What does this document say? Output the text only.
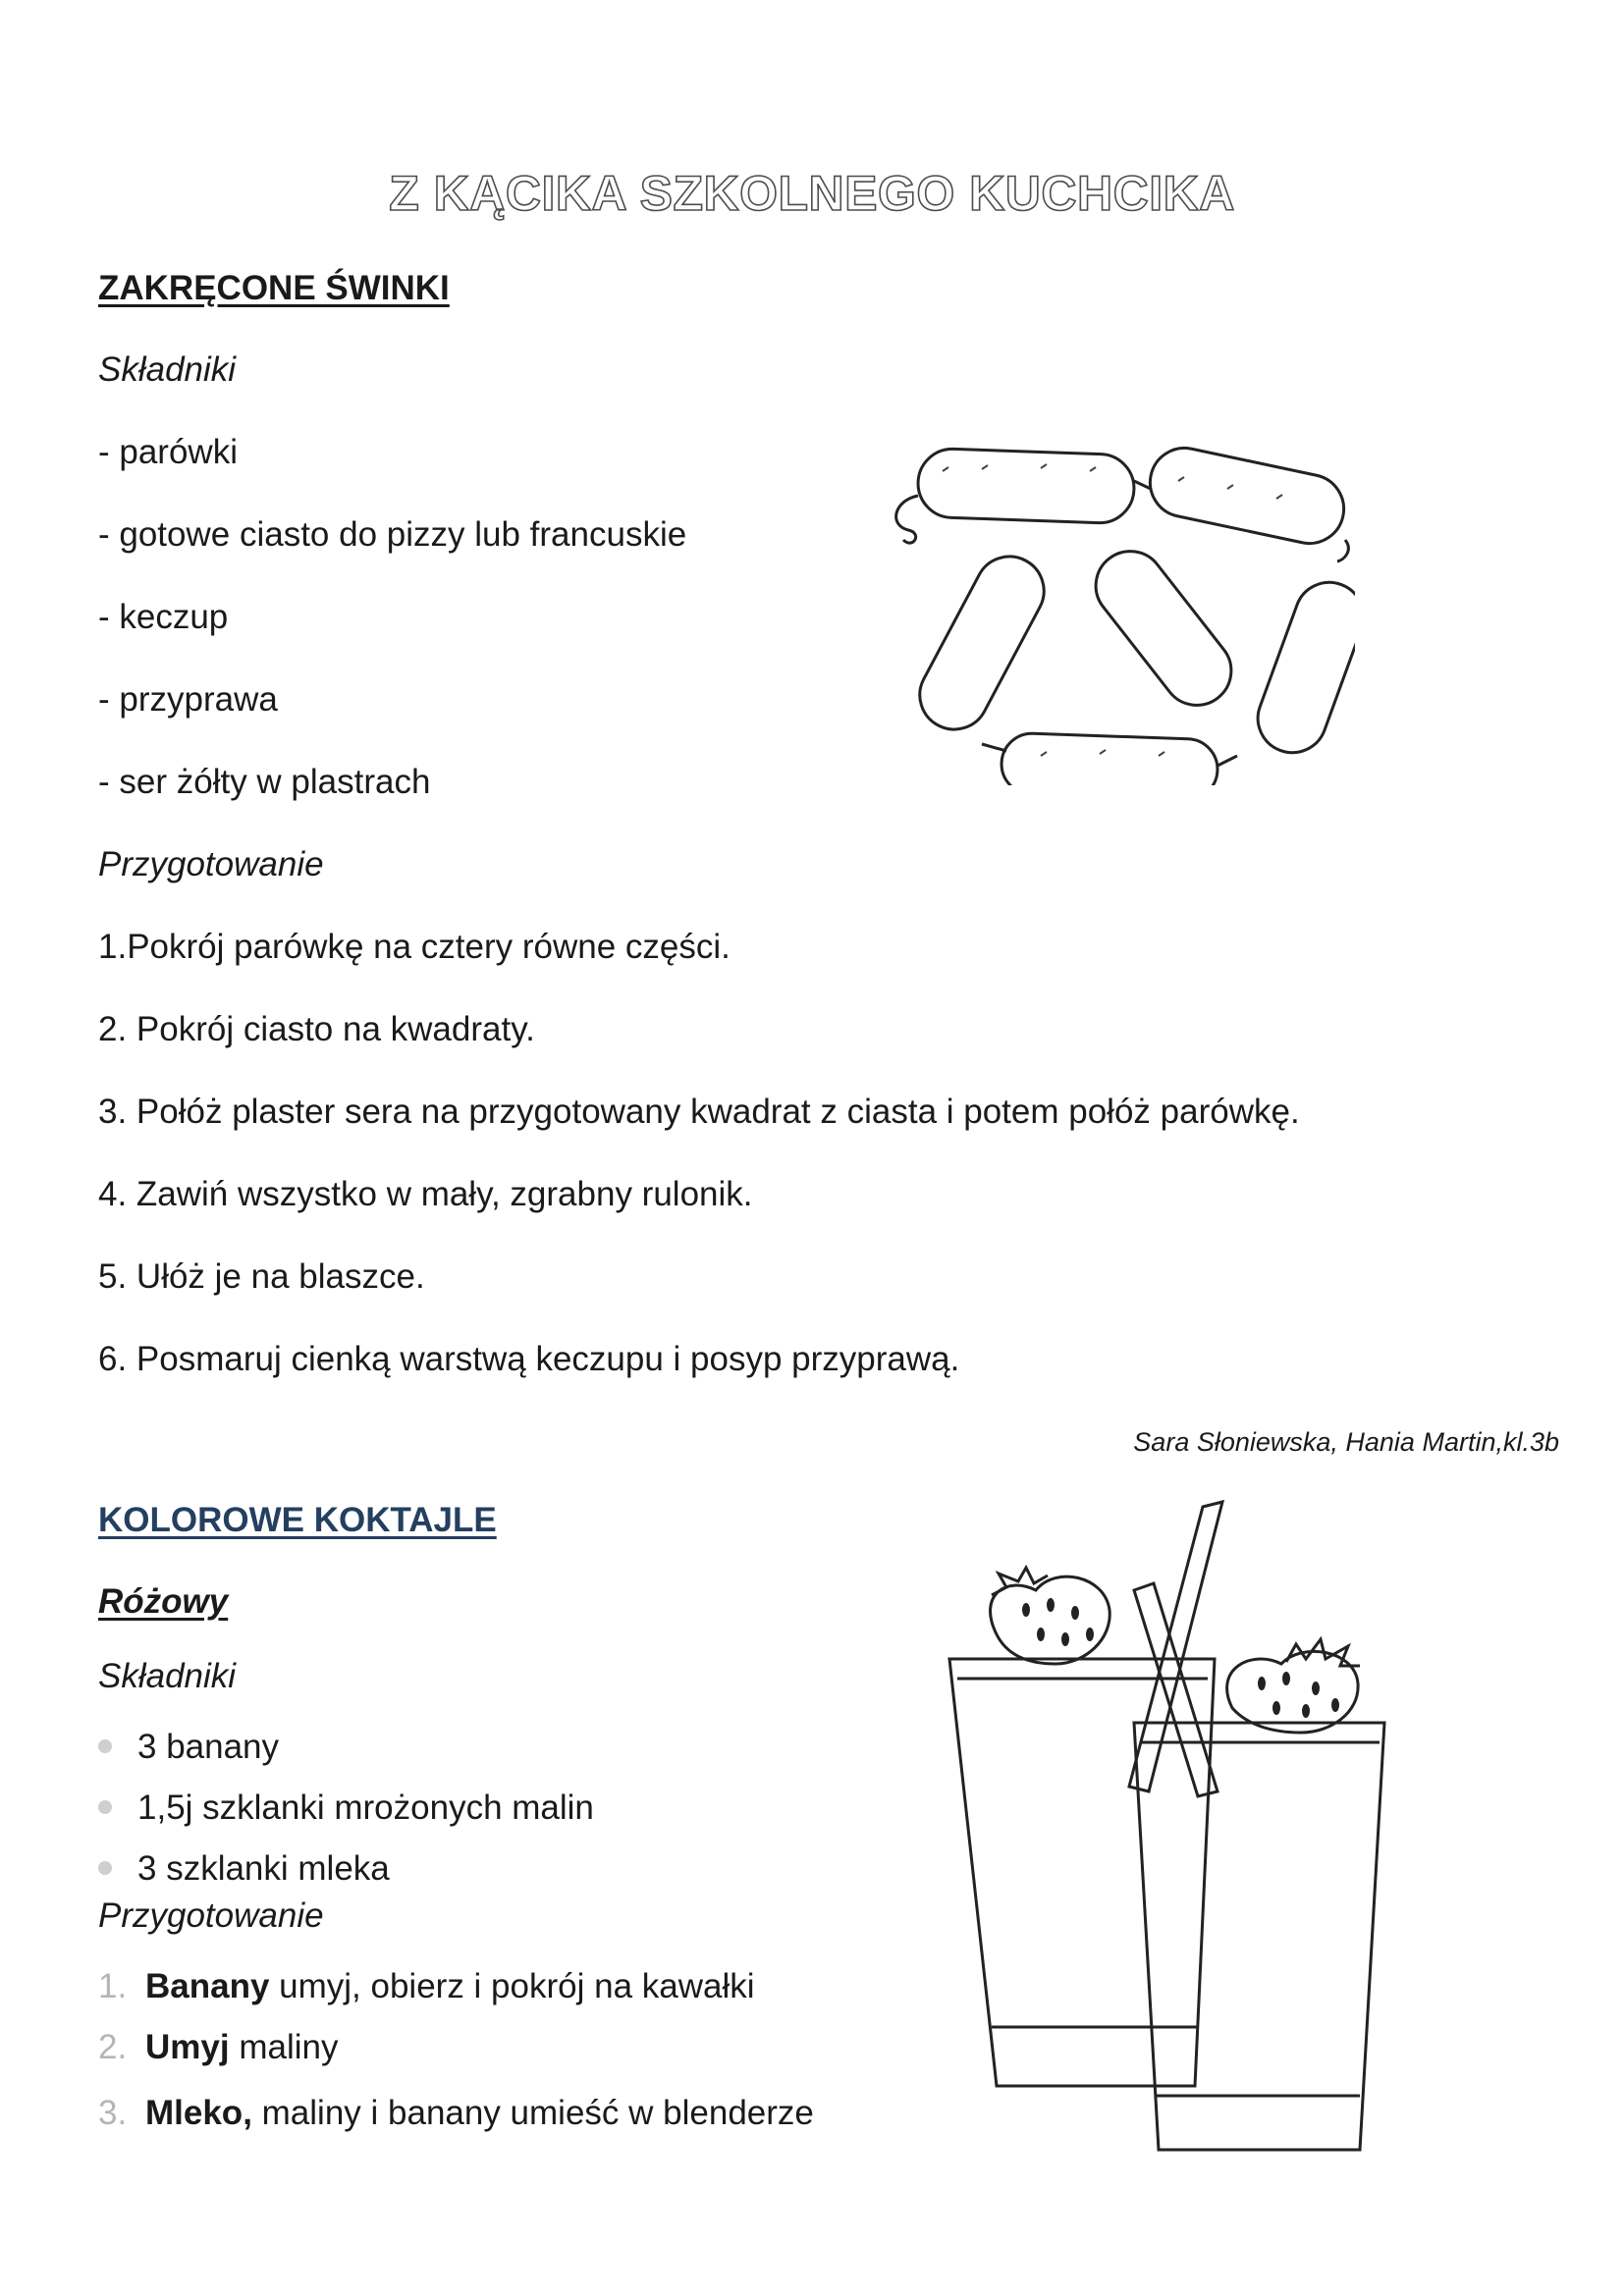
Z KĄCIKA SZKOLNEGO KUCHCIKA
ZAKRĘCONE ŚWINKI
Składniki
- parówki
- gotowe ciasto do pizzy lub francuskie
- keczup
- przyprawa
- ser żółty w plastrach
Przygotowanie
1.Pokrój parówkę na cztery równe części.
2. Pokrój ciasto na kwadraty.
3. Połóż plaster sera na przygotowany kwadrat z ciasta i potem połóż parówkę.
4. Zawiń wszystko w mały, zgrabny rulonik.
5. Ułóż je na blaszce.
6. Posmaruj cienką warstwą keczupu i posyp przyprawą.
Sara Słoniewska, Hania Martin,kl.3b
KOLOROWE KOKTAJLE
Różowy
Składniki
3 banany
1,5j szklanki mrożonych malin
3 szklanki mleka
Przygotowanie
1. Banany umyj, obierz i pokrój na kawałki
2. Umyj maliny
3. Mleko, maliny i banany umieść w blenderze
